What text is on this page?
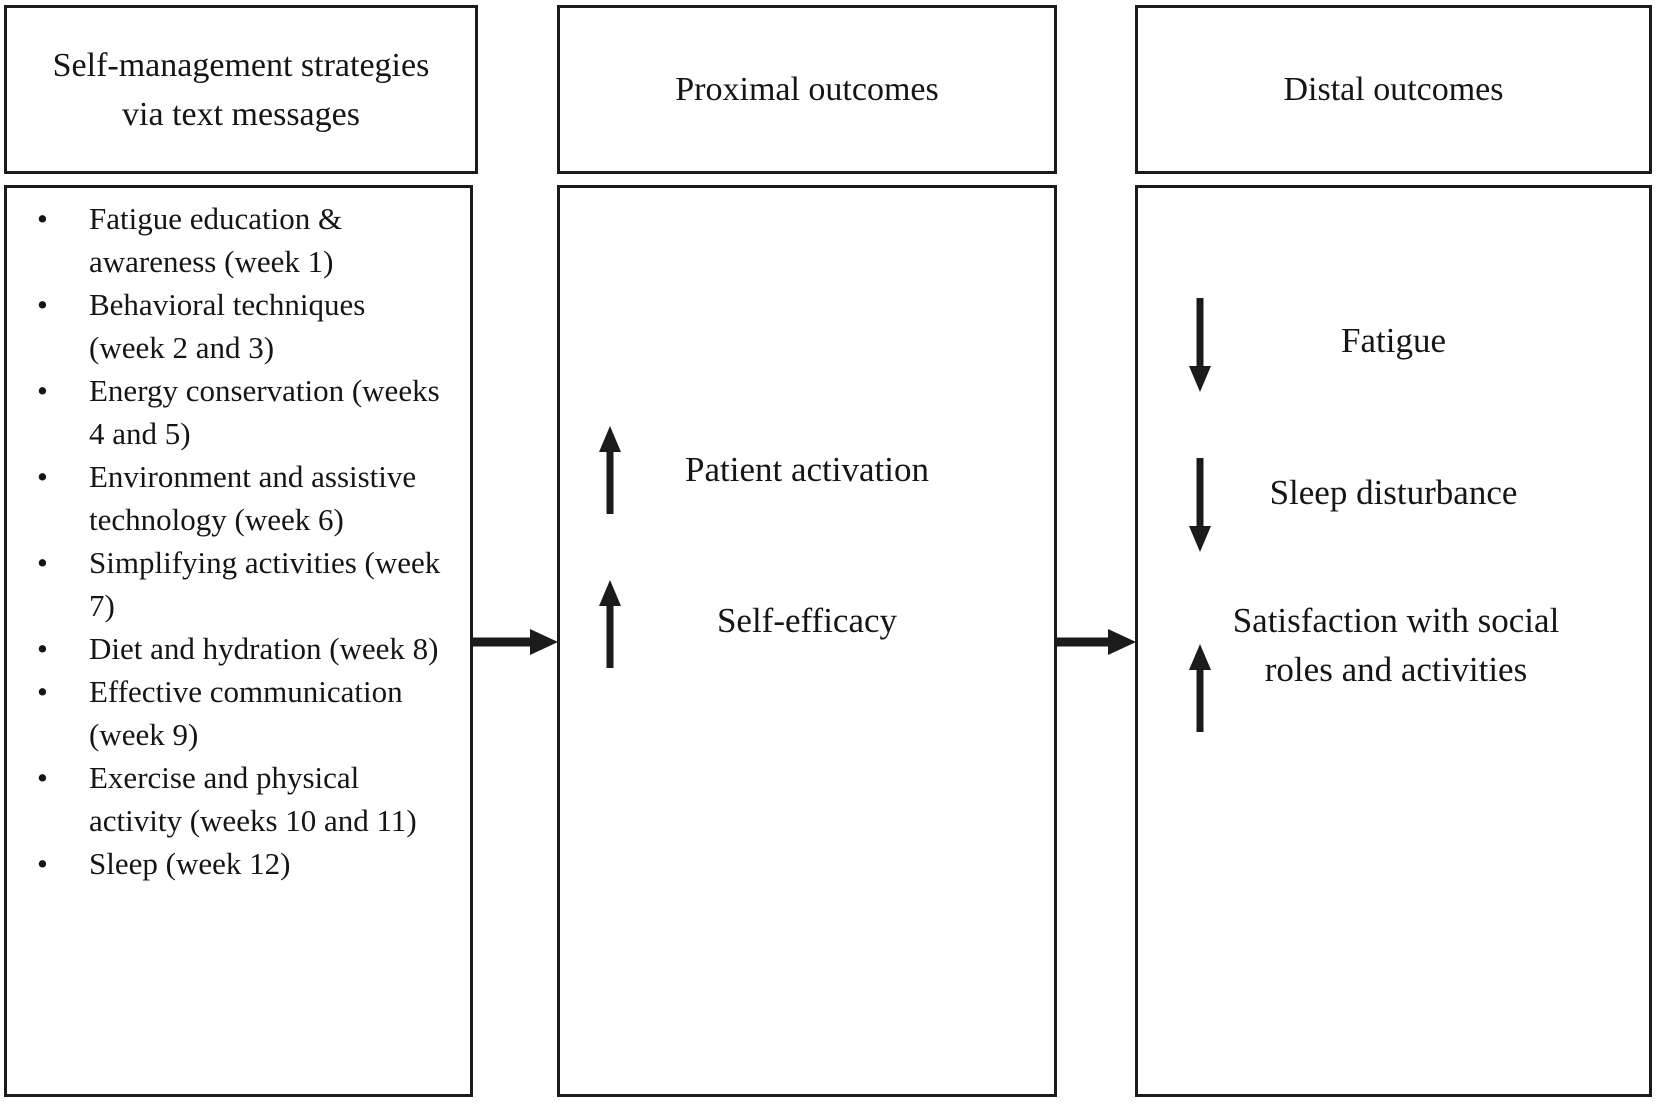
Self-management strategies via text messages
Proximal outcomes	Distal outcomes
• Fatigue education & awareness (week 1)
• Behavioral techniques (week 2 and 3)
• Energy conservation (weeks 4 and 5)
• Environment and assistive technology (week 6)
• Simplifying activities (week 7)
• Diet and hydration (week 8)
• Effective communication (week 9)
• Exercise and physical activity (weeks 10 and 11)
• Sleep (week 12)
Patient activation
Self-efficacy
Fatigue
Sleep disturbance
Satisfaction with social roles and activities
